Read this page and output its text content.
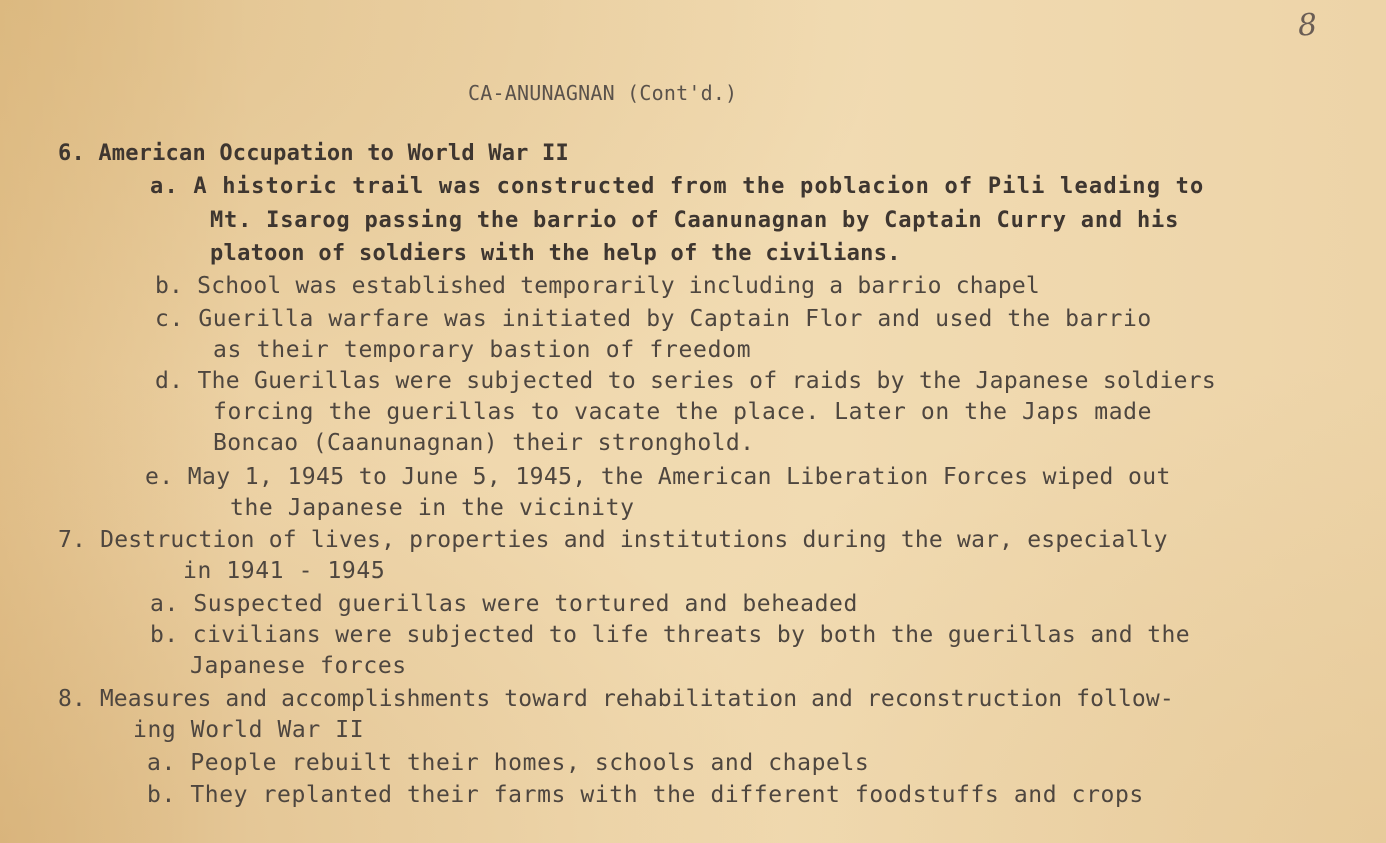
8
CA-ANUNAGNAN (Cont'd.)
6. American Occupation to World War II
a. A historic trail was constructed from the poblacion of Pili leading to
Mt. Isarog passing the barrio of Caanunagnan by Captain Curry and his
platoon of soldiers with the help of the civilians.
b. School was established temporarily including a barrio chapel
c. Guerilla warfare was initiated by Captain Flor and used the barrio
as their temporary bastion of freedom
d. The Guerillas were subjected to series of raids by the Japanese soldiers
forcing the guerillas to vacate the place. Later on the Japs made
Boncao (Caanunagnan) their stronghold.
e. May 1, 1945 to June 5, 1945, the American Liberation Forces wiped out
the Japanese in the vicinity
7. Destruction of lives, properties and institutions during the war, especially
in 1941 - 1945
a. Suspected guerillas were tortured and beheaded
b. civilians were subjected to life threats by both the guerillas and the
Japanese forces
8. Measures and accomplishments toward rehabilitation and reconstruction follow-
ing World War II
a. People rebuilt their homes, schools and chapels
b. They replanted their farms with the different foodstuffs and crops
